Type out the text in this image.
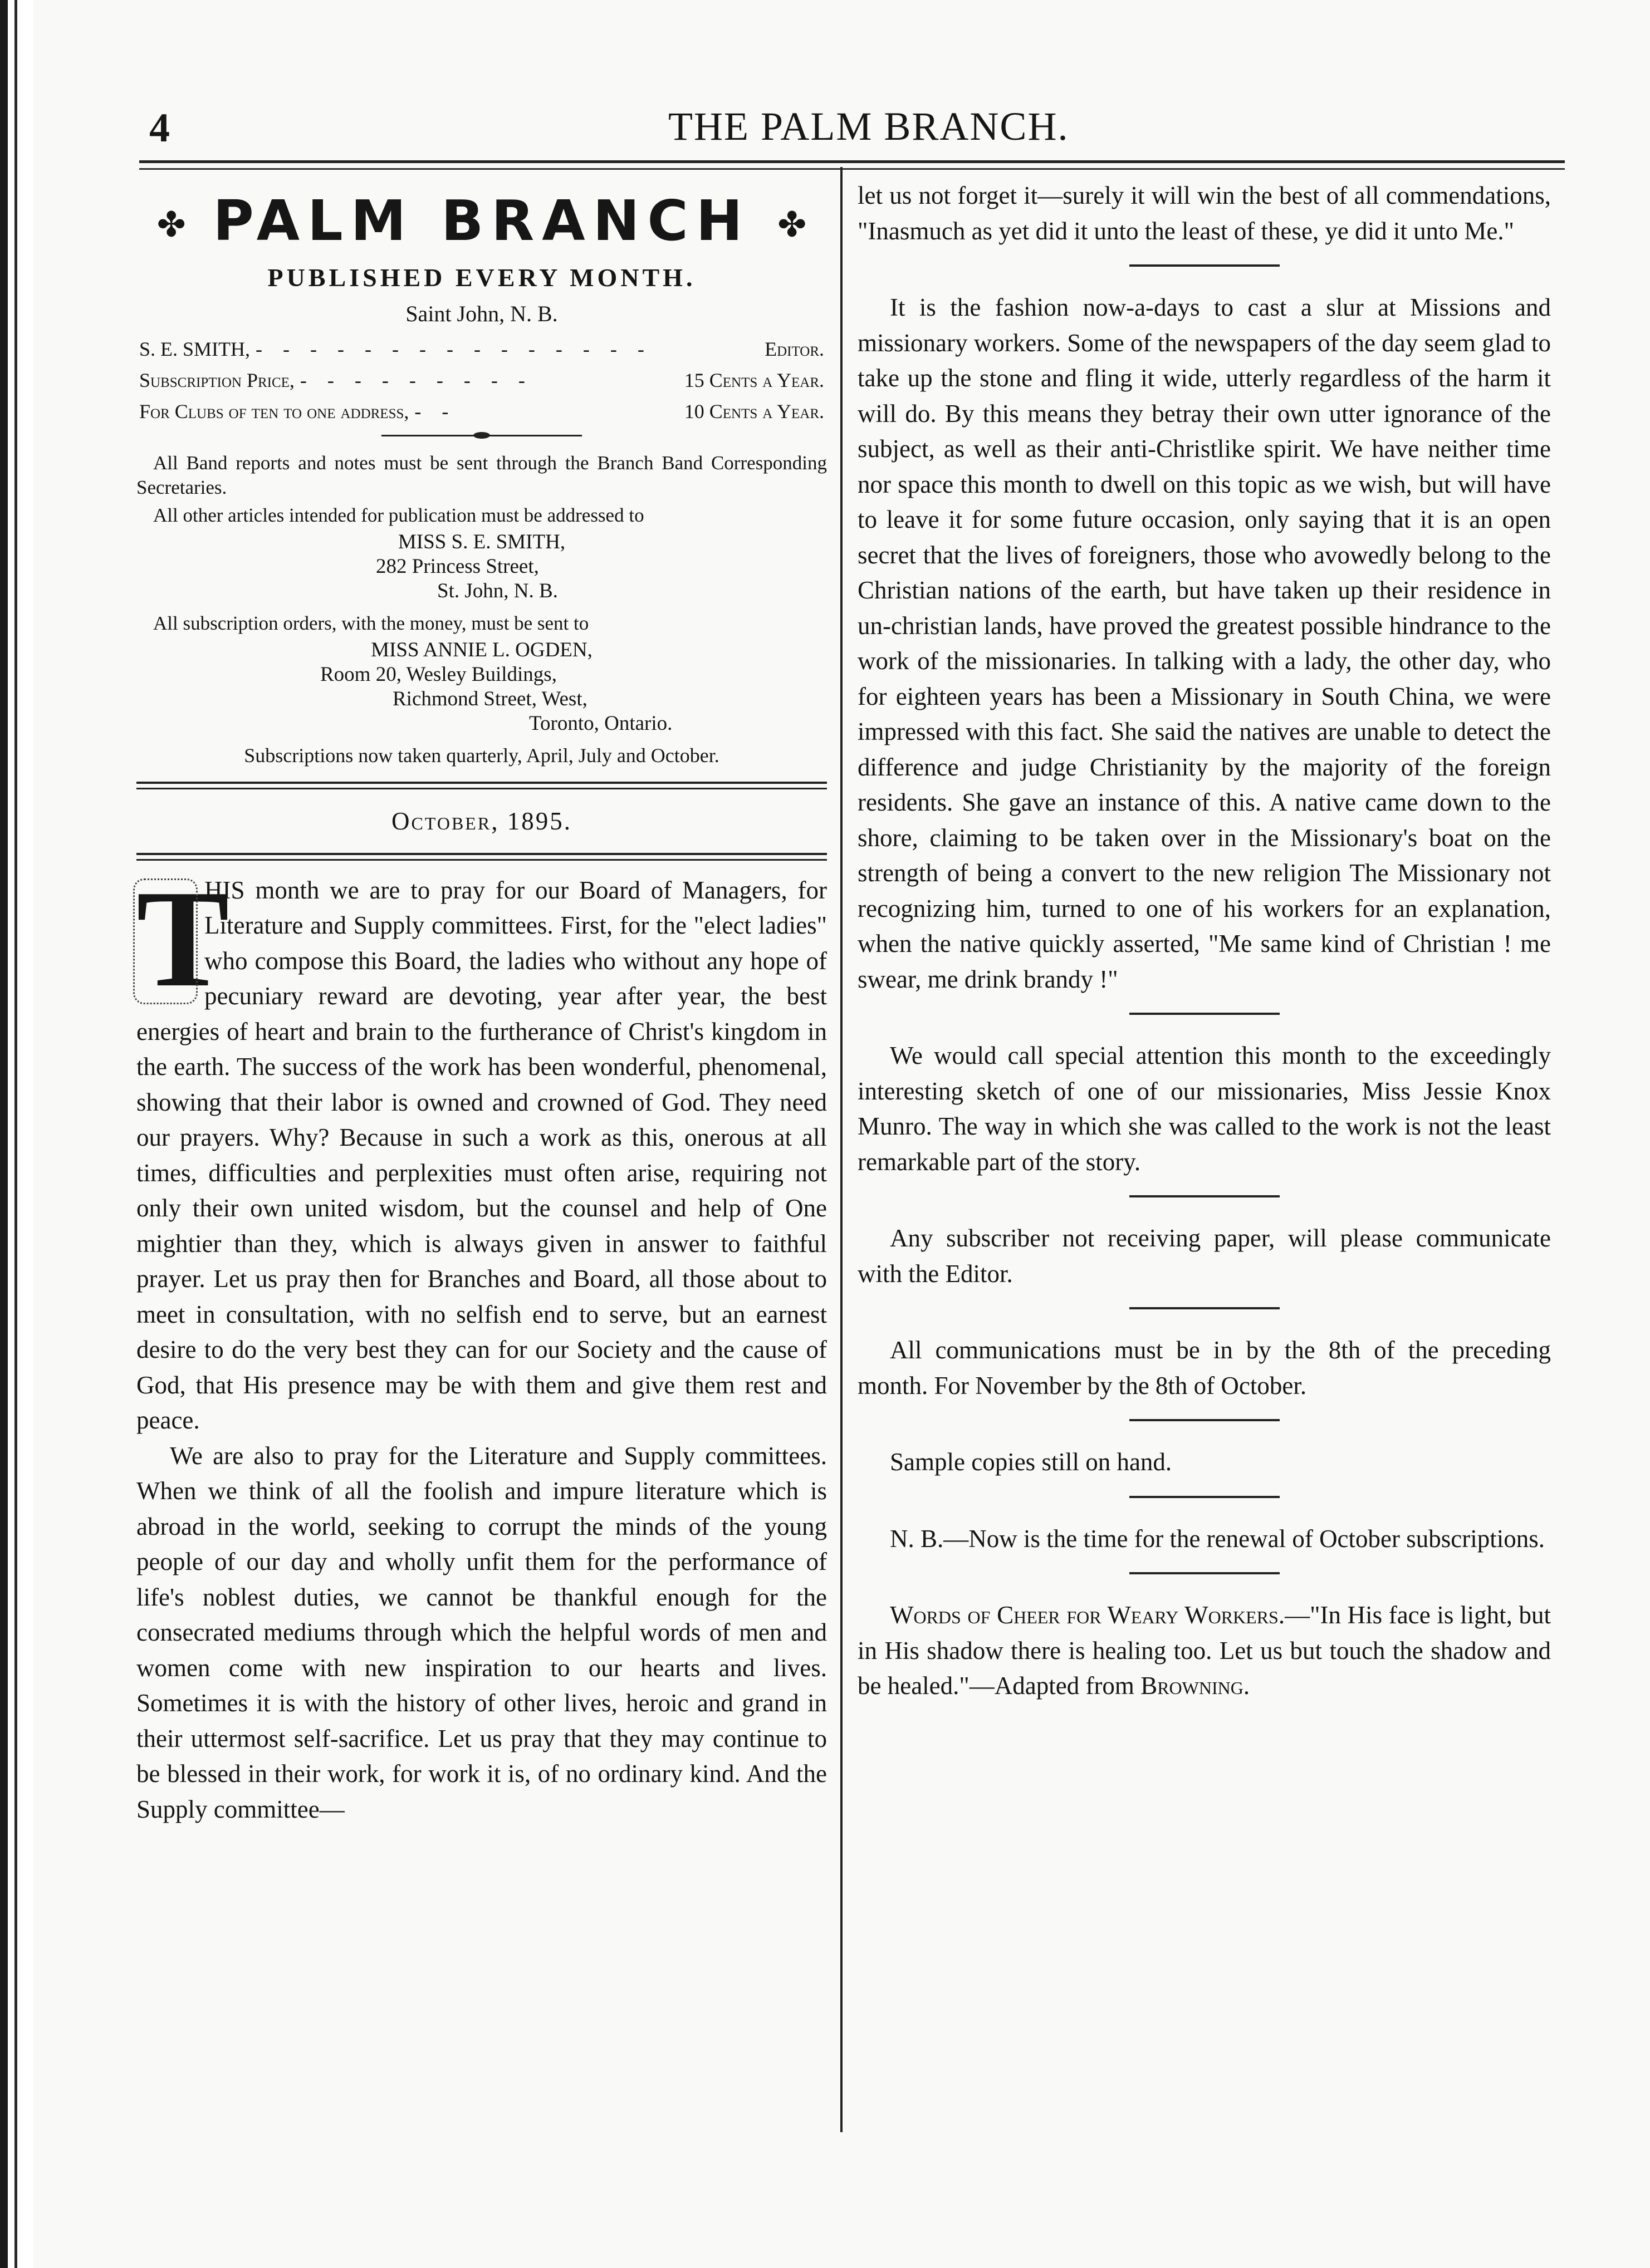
4	THE PALM BRANCH.
✤ PALM BRANCH ✤
PUBLISHED EVERY MONTH.
Saint John, N. B.
S. E. SMITH, - - - - - - - - - - - - - - -	Editor.
Subscription Price, - - - - - - - - -	15 Cents a Year.
For Clubs of ten to one address, - -	10 Cents a Year.

All Band reports and notes must be sent through the Branch Band Corresponding Secretaries.

All other articles intended for publication must be addressed to

MISS S. E. SMITH,
282 Princess Street,
St. John, N. B.

All subscription orders, with the money, must be sent to

MISS ANNIE L. OGDEN,
Room 20, Wesley Buildings,
Richmond Street, West,
Toronto, Ontario.
Subscriptions now taken quarterly, April, July and October.
October, 1895.
T

HIS month we are to pray for our Board of Managers, for Literature and Supply committees. First, for the "elect ladies" who compose this Board, the ladies who without any hope of pecuniary reward are devoting, year after year, the best energies of heart and brain to the furtherance of Christ's kingdom in the earth. The success of the work has been wonderful, phenomenal, showing that their labor is owned and crowned of God. They need our prayers. Why? Because in such a work as this, onerous at all times, difficulties and perplexities must often arise, requiring not only their own united wisdom, but the counsel and help of One mightier than they, which is always given in answer to faithful prayer. Let us pray then for Branches and Board, all those about to meet in consultation, with no selfish end to serve, but an earnest desire to do the very best they can for our Society and the cause of God, that His presence may be with them and give them rest and peace.

We are also to pray for the Literature and Supply committees. When we think of all the foolish and impure literature which is abroad in the world, seeking to corrupt the minds of the young people of our day and wholly unfit them for the performance of life's noblest duties, we cannot be thankful enough for the consecrated mediums through which the helpful words of men and women come with new inspiration to our hearts and lives. Sometimes it is with the history of other lives, heroic and grand in their uttermost self-sacrifice. Let us pray that they may continue to be blessed in their work, for work it is, of no ordinary kind. And the Supply committee—

let us not forget it—surely it will win the best of all commendations, "Inasmuch as yet did it unto the least of these, ye did it unto Me."

It is the fashion now-a-days to cast a slur at Missions and missionary workers. Some of the newspapers of the day seem glad to take up the stone and fling it wide, utterly regardless of the harm it will do. By this means they betray their own utter ignorance of the subject, as well as their anti-Christlike spirit. We have neither time nor space this month to dwell on this topic as we wish, but will have to leave it for some future occasion, only saying that it is an open secret that the lives of foreigners, those who avowedly belong to the Christian nations of the earth, but have taken up their residence in un-christian lands, have proved the greatest possible hindrance to the work of the missionaries. In talking with a lady, the other day, who for eighteen years has been a Missionary in South China, we were impressed with this fact. She said the natives are unable to detect the difference and judge Christianity by the majority of the foreign residents. She gave an instance of this. A native came down to the shore, claiming to be taken over in the Missionary's boat on the strength of being a convert to the new religion The Missionary not recognizing him, turned to one of his workers for an explanation, when the native quickly asserted, "Me same kind of Christian ! me swear, me drink brandy !"

We would call special attention this month to the exceedingly interesting sketch of one of our missionaries, Miss Jessie Knox Munro. The way in which she was called to the work is not the least remarkable part of the story.

Any subscriber not receiving paper, will please communicate with the Editor.

All communications must be in by the 8th of the preceding month. For November by the 8th of October.

Sample copies still on hand.

N. B.—Now is the time for the renewal of October subscriptions.

Words of Cheer for Weary Workers.—"In His face is light, but in His shadow there is healing too. Let us but touch the shadow and be healed."—Adapted from Browning.
